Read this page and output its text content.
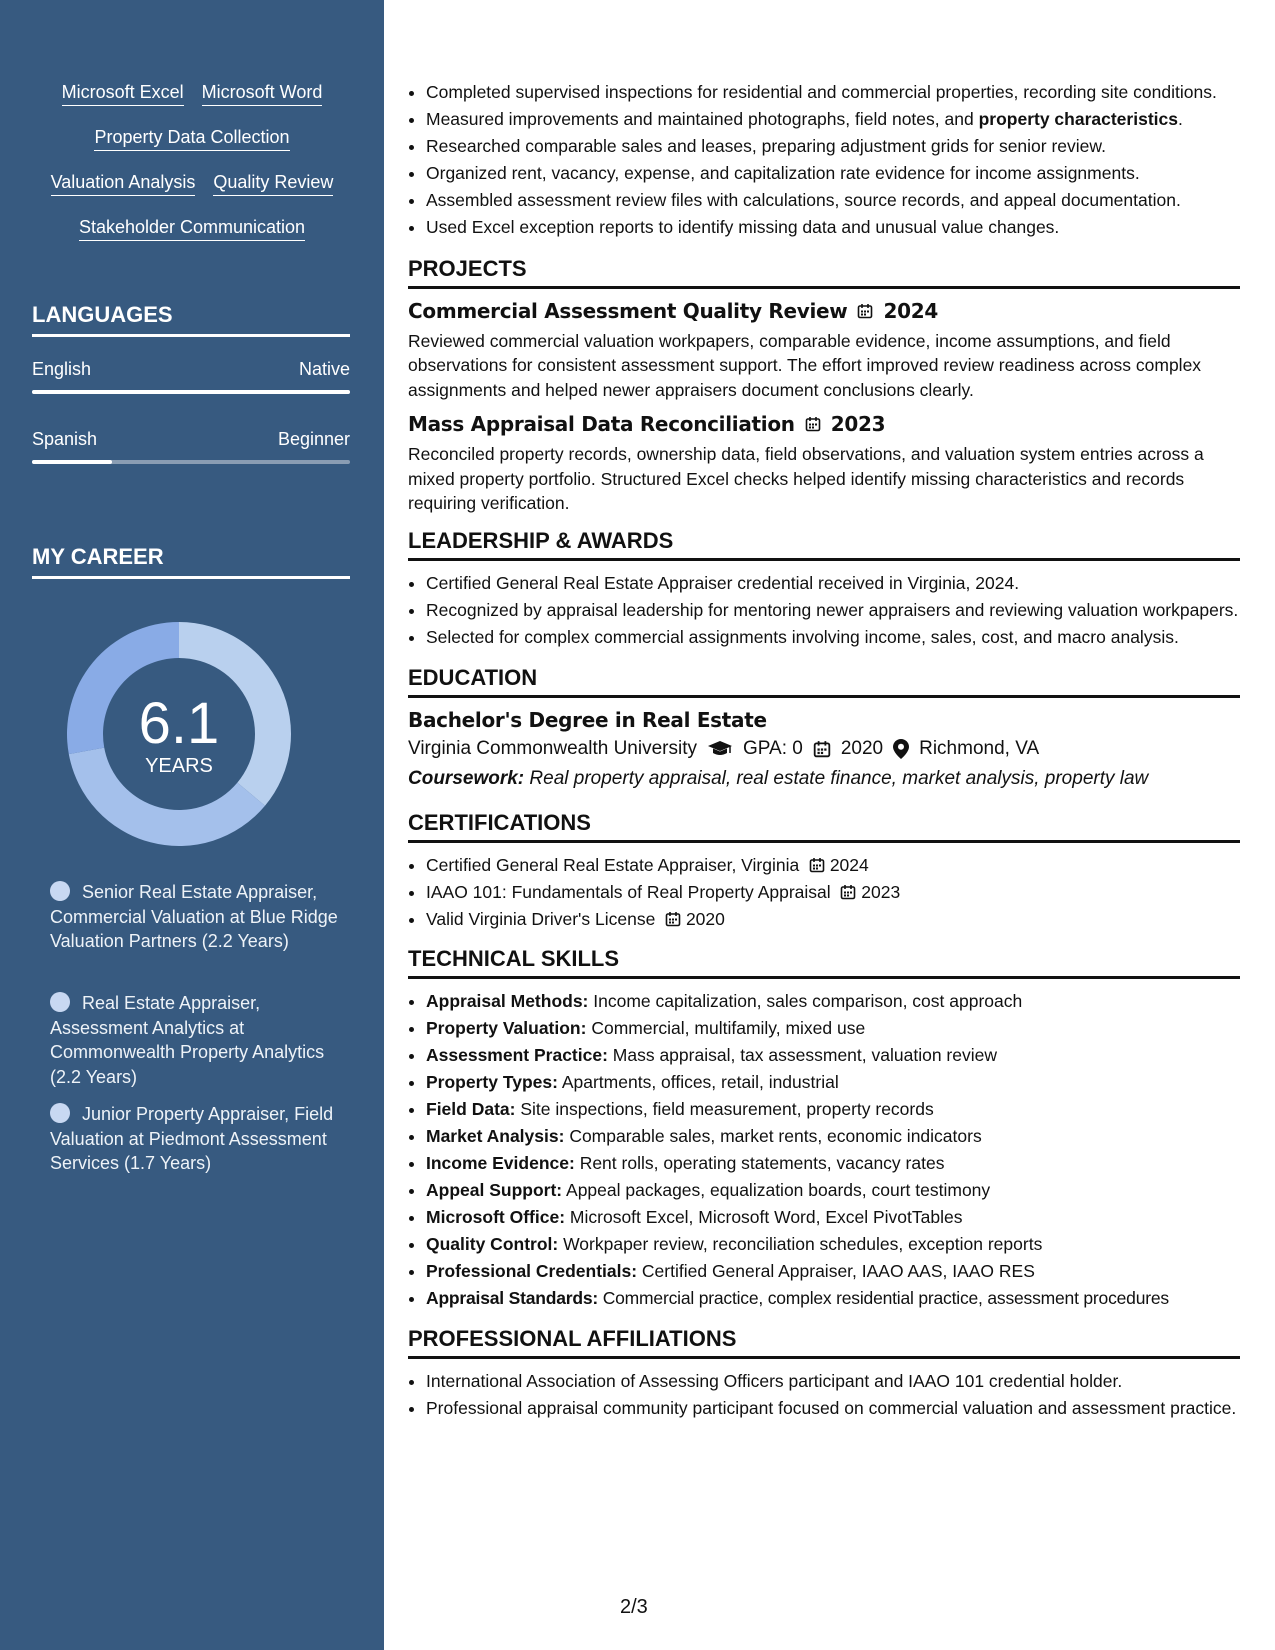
Microsoft Excel Microsoft Word
Property Data Collection
Valuation Analysis Quality Review
Stakeholder Communication
LANGUAGES
English	Native
Spanish	Beginner
MY CAREER
6.1
YEARS
Senior Real Estate Appraiser, Commercial Valuation at Blue Ridge Valuation Partners (2.2 Years)
Real Estate Appraiser, Assessment Analytics at Commonwealth Property Analytics (2.2 Years)
Junior Property Appraiser, Field Valuation at Piedmont Assessment Services (1.7 Years)
• Completed supervised inspections for residential and commercial properties, recording site conditions.
• Measured improvements and maintained photographs, field notes, and property characteristics.
• Researched comparable sales and leases, preparing adjustment grids for senior review.
• Organized rent, vacancy, expense, and capitalization rate evidence for income assignments.
• Assembled assessment review files with calculations, source records, and appeal documentation.
• Used Excel exception reports to identify missing data and unusual value changes.
PROJECTS
Commercial Assessment Quality Review 2024
Reviewed commercial valuation workpapers, comparable evidence, income assumptions, and field observations for consistent assessment support. The effort improved review readiness across complex assignments and helped newer appraisers document conclusions clearly.
Mass Appraisal Data Reconciliation 2023
Reconciled property records, ownership data, field observations, and valuation system entries across a mixed property portfolio. Structured Excel checks helped identify missing characteristics and records requiring verification.
LEADERSHIP & AWARDS
• Certified General Real Estate Appraiser credential received in Virginia, 2024.
• Recognized by appraisal leadership for mentoring newer appraisers and reviewing valuation workpapers.
• Selected for complex commercial assignments involving income, sales, cost, and macro analysis.
EDUCATION
Bachelor's Degree in Real Estate
Virginia Commonwealth University GPA: 0 2020 Richmond, VA
Coursework: Real property appraisal, real estate finance, market analysis, property law
CERTIFICATIONS
• Certified General Real Estate Appraiser, Virginia 2024
• IAAO 101: Fundamentals of Real Property Appraisal 2023
• Valid Virginia Driver's License 2020
TECHNICAL SKILLS
• Appraisal Methods: Income capitalization, sales comparison, cost approach
• Property Valuation: Commercial, multifamily, mixed use
• Assessment Practice: Mass appraisal, tax assessment, valuation review
• Property Types: Apartments, offices, retail, industrial
• Field Data: Site inspections, field measurement, property records
• Market Analysis: Comparable sales, market rents, economic indicators
• Income Evidence: Rent rolls, operating statements, vacancy rates
• Appeal Support: Appeal packages, equalization boards, court testimony
• Microsoft Office: Microsoft Excel, Microsoft Word, Excel PivotTables
• Quality Control: Workpaper review, reconciliation schedules, exception reports
• Professional Credentials: Certified General Appraiser, IAAO AAS, IAAO RES
• Appraisal Standards: Commercial practice, complex residential practice, assessment procedures
PROFESSIONAL AFFILIATIONS
• International Association of Assessing Officers participant and IAAO 101 credential holder.
• Professional appraisal community participant focused on commercial valuation and assessment practice.
2/3
